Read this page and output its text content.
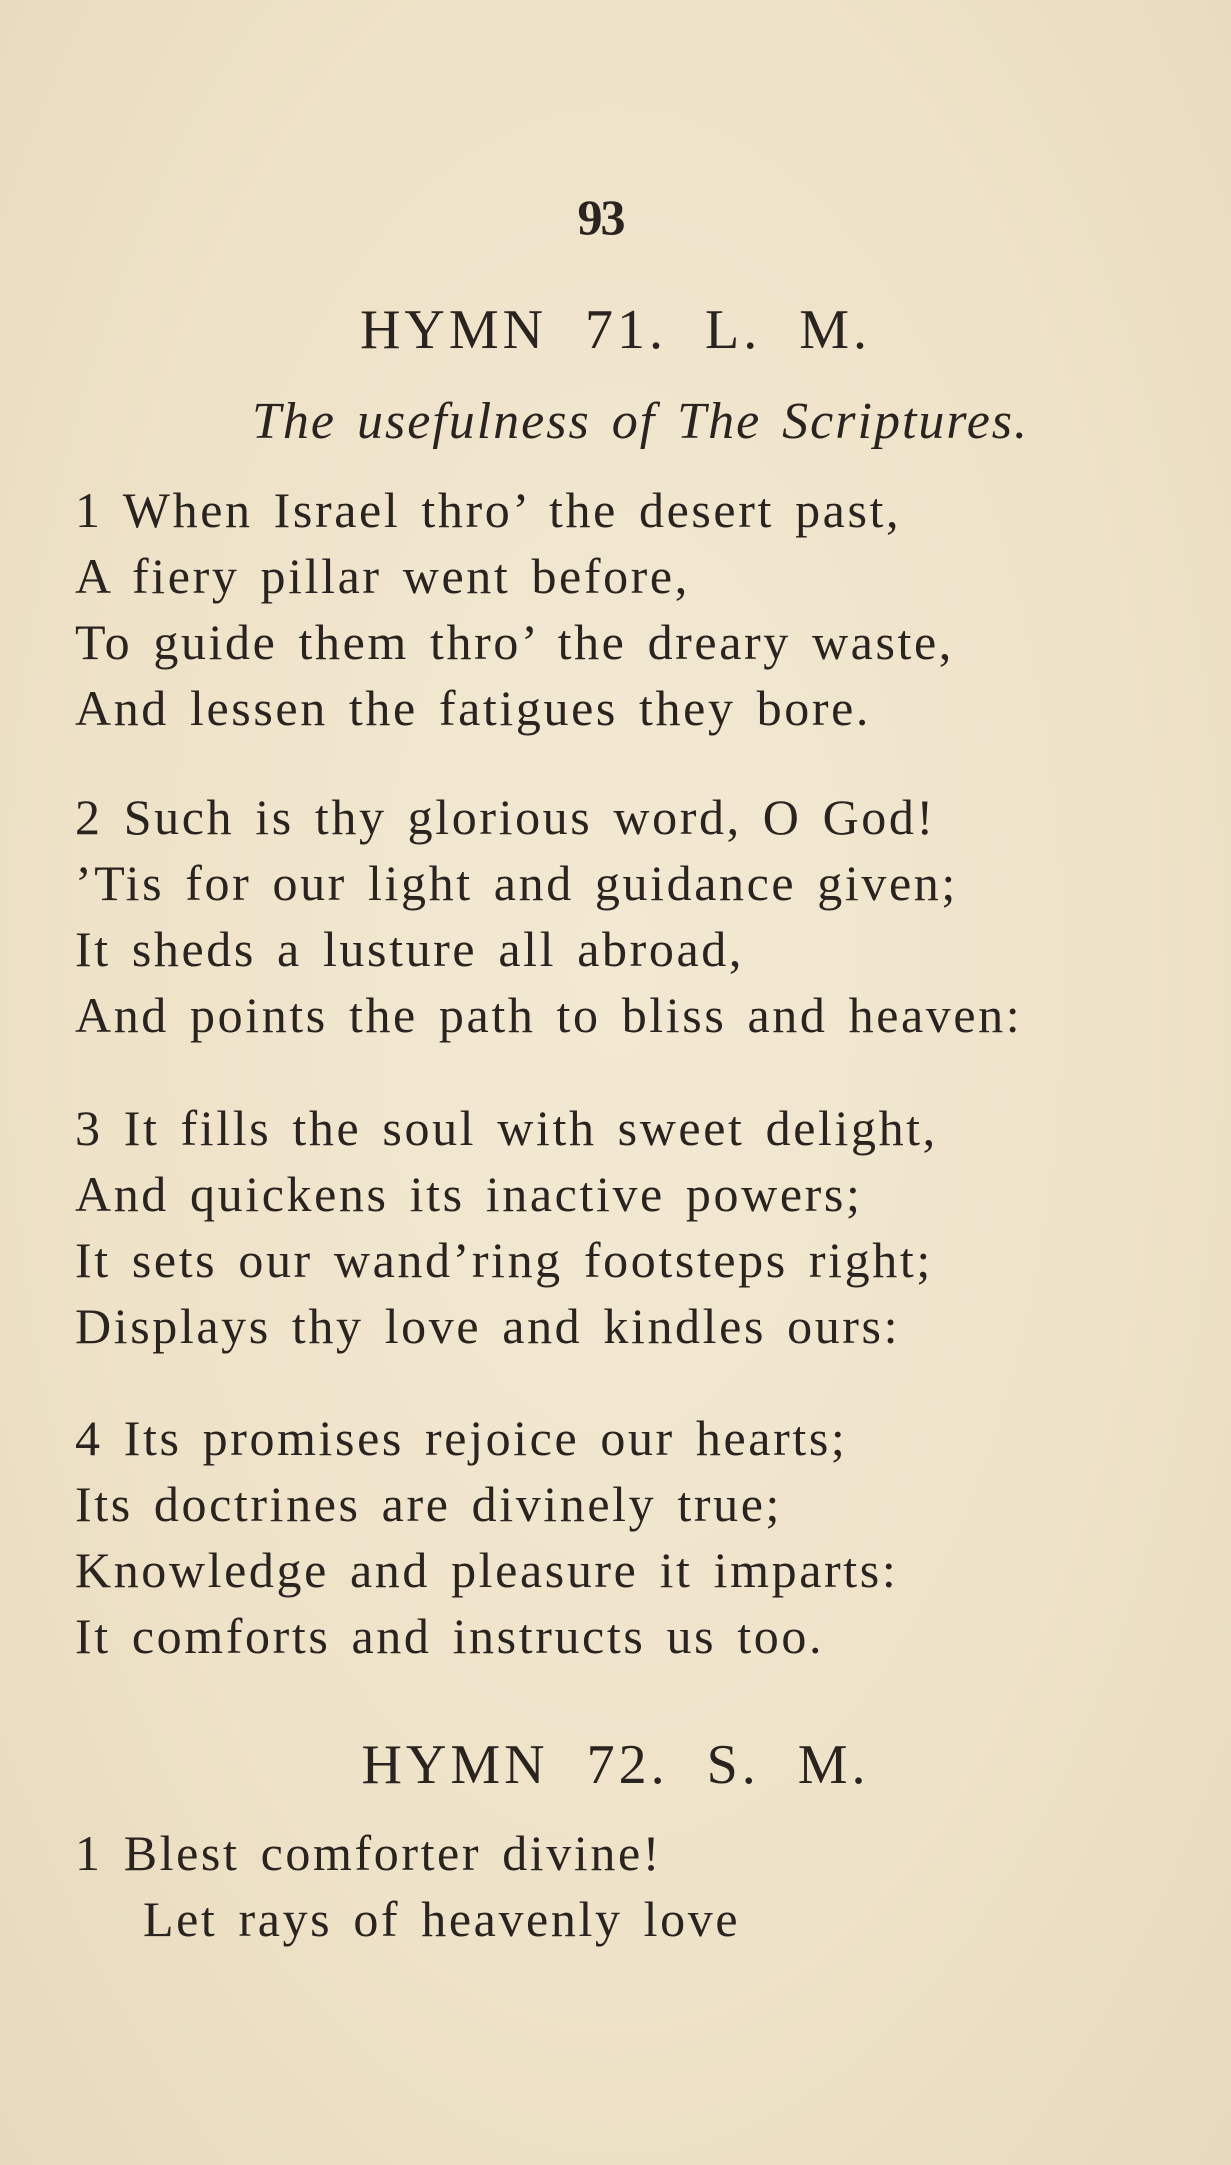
93
HYMN 71. L. M.
The usefulness of The Scriptures.
1 When Israel thro’ the desert past,
A fiery pillar went before,
To guide them thro’ the dreary waste,
And lessen the fatigues they bore.
2 Such is thy glorious word, O God!
’Tis for our light and guidance given;
It sheds a lusture all abroad,
And points the path to bliss and heaven:
3 It fills the soul with sweet delight,
And quickens its inactive powers;
It sets our wand’ring footsteps right;
Displays thy love and kindles ours:
4 Its promises rejoice our hearts;
Its doctrines are divinely true;
Knowledge and pleasure it imparts:
It comforts and instructs us too.
HYMN 72. S. M.
1 Blest comforter divine!
Let rays of heavenly love
